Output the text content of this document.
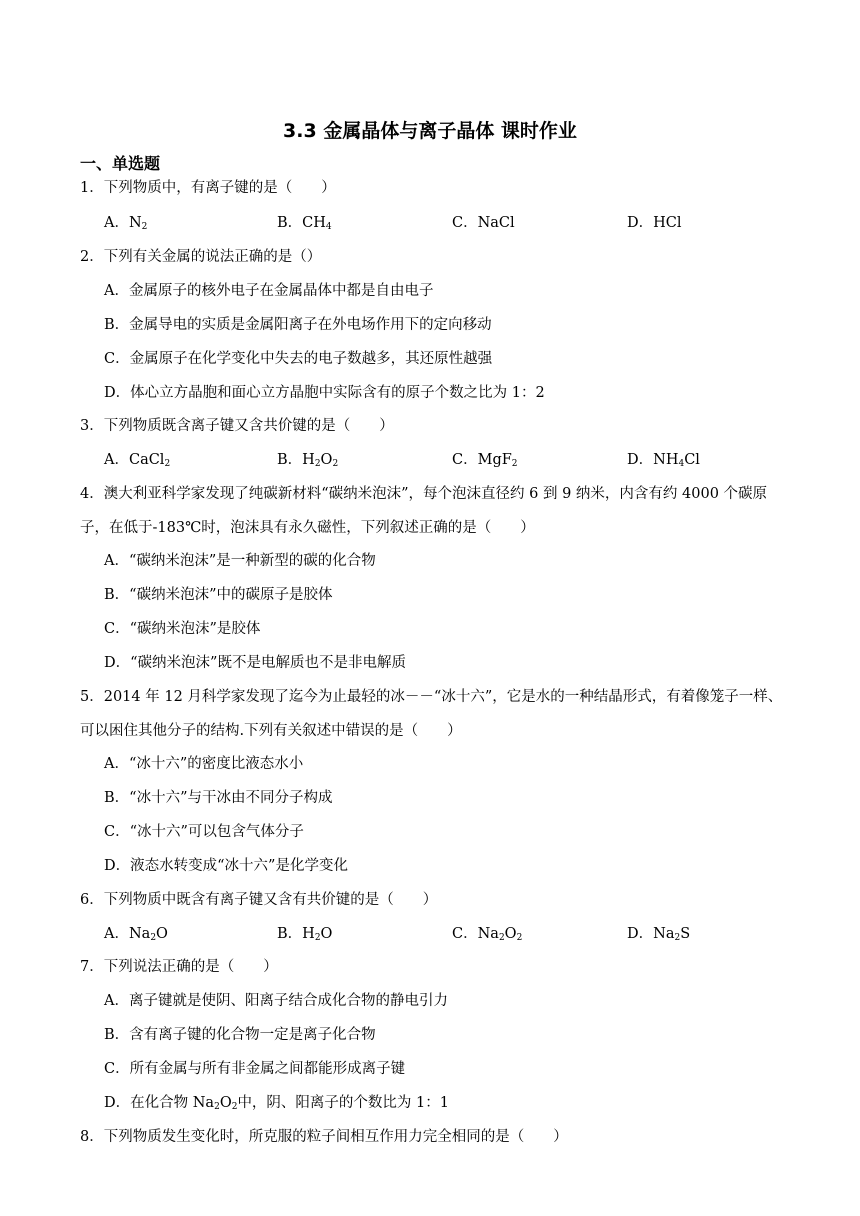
3.3 金属晶体与离子晶体 课时作业
一、单选题
1．下列物质中，有离子键的是（　　）
A．$N_2$	B．$CH_4$	C．NaCl	D．HCl
2．下列有关金属的说法正确的是（）
A．金属原子的核外电子在金属晶体中都是自由电子
B．金属导电的实质是金属阳离子在外电场作用下的定向移动
C．金属原子在化学变化中失去的电子数越多，其还原性越强
D．体心立方晶胞和面心立方晶胞中实际含有的原子个数之比为 1：2
3．下列物质既含离子键又含共价键的是（　　）
A．CaCl$_2$	B．$H_2O_2$	C．MgF$_2$	D．$NH_4Cl$
4．澳大利亚科学家发现了纯碳新材料“碳纳米泡沫”，每个泡沫直径约 6 到 9 纳米，内含有约 4000 个碳原
子，在低于-183℃时，泡沫具有永久磁性，下列叙述正确的是（　　）
A．“碳纳米泡沫”是一种新型的碳的化合物
B．“碳纳米泡沫”中的碳原子是胶体
C．“碳纳米泡沫”是胶体
D．“碳纳米泡沫”既不是电解质也不是非电解质
5．2014 年 12 月科学家发现了迄今为止最轻的冰－－“冰十六”，它是水的一种结晶形式，有着像笼子一样、
可以困住其他分子的结构.下列有关叙述中错误的是（　　）
A．“冰十六”的密度比液态水小
B．“冰十六”与干冰由不同分子构成
C．“冰十六”可以包含气体分子
D．液态水转变成“冰十六”是化学变化
6．下列物质中既含有离子键又含有共价键的是（　　）
A．$Na_2O$	B．$H_2O$	C．$Na_2O_2$	D．$Na_2S$
7．下列说法正确的是（　　）
A．离子键就是使阴、阳离子结合成化合物的静电引力
B．含有离子键的化合物一定是离子化合物
C．所有金属与所有非金属之间都能形成离子键
D．在化合物 $Na_2O_2$中，阴、阳离子的个数比为 1：1
8．下列物质发生变化时，所克服的粒子间相互作用力完全相同的是（　　）
